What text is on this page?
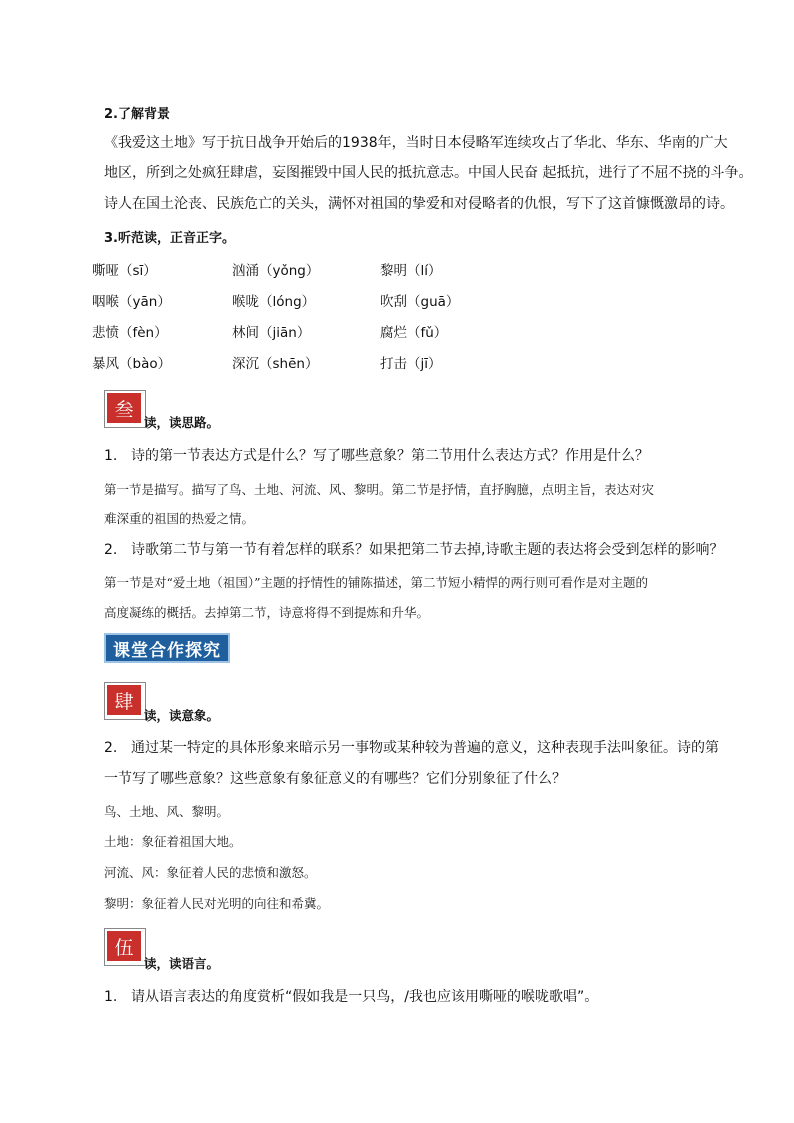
2.了解背景
《我爱这土地》写于抗日战争开始后的1938年，当时日本侵略军连续攻占了华北、华东、华南的广大
地区，所到之处疯狂肆虐，妄图摧毁中国人民的抵抗意志。中国人民奋 起抵抗，进行了不屈不挠的斗争。
诗人在国土沦丧、民族危亡的关头，满怀对祖国的挚爱和对侵略者的仇恨，写下了这首慷慨激昂的诗。
3.听范读，正音正字。
嘶哑（sī）	汹涌（yǒng）	黎明（lí）
咽喉（yān）	喉咙（lóng）	吹刮（guā）
悲愤（fèn）	林间（jiān）	腐烂（fǔ）
暴风（bào）	深沉（shēn）	打击（jī）
叁
读，读思路。
1. 诗的第一节表达方式是什么？写了哪些意象？第二节用什么表达方式？作用是什么？
第一节是描写。描写了鸟、土地、河流、风、黎明。第二节是抒情，直抒胸臆，点明主旨，表达对灾
难深重的祖国的热爱之情。
2. 诗歌第二节与第一节有着怎样的联系？如果把第二节去掉,诗歌主题的表达将会受到怎样的影响？
第一节是对“爱土地（祖国）”主题的抒情性的铺陈描述，第二节短小精悍的两行则可看作是对主题的
高度凝练的概括。去掉第二节，诗意将得不到提炼和升华。
课堂合作探究
肆
读，读意象。
2. 通过某一特定的具体形象来暗示另一事物或某种较为普遍的意义，这种表现手法叫象征。诗的第
一节写了哪些意象？这些意象有象征意义的有哪些？它们分别象征了什么？
鸟、土地、风、黎明。
土地：象征着祖国大地。
河流、风：象征着人民的悲愤和激怒。
黎明：象征着人民对光明的向往和希冀。
伍
读，读语言。
1. 请从语言表达的角度赏析“假如我是一只鸟，/我也应该用嘶哑的喉咙歌唱”。
